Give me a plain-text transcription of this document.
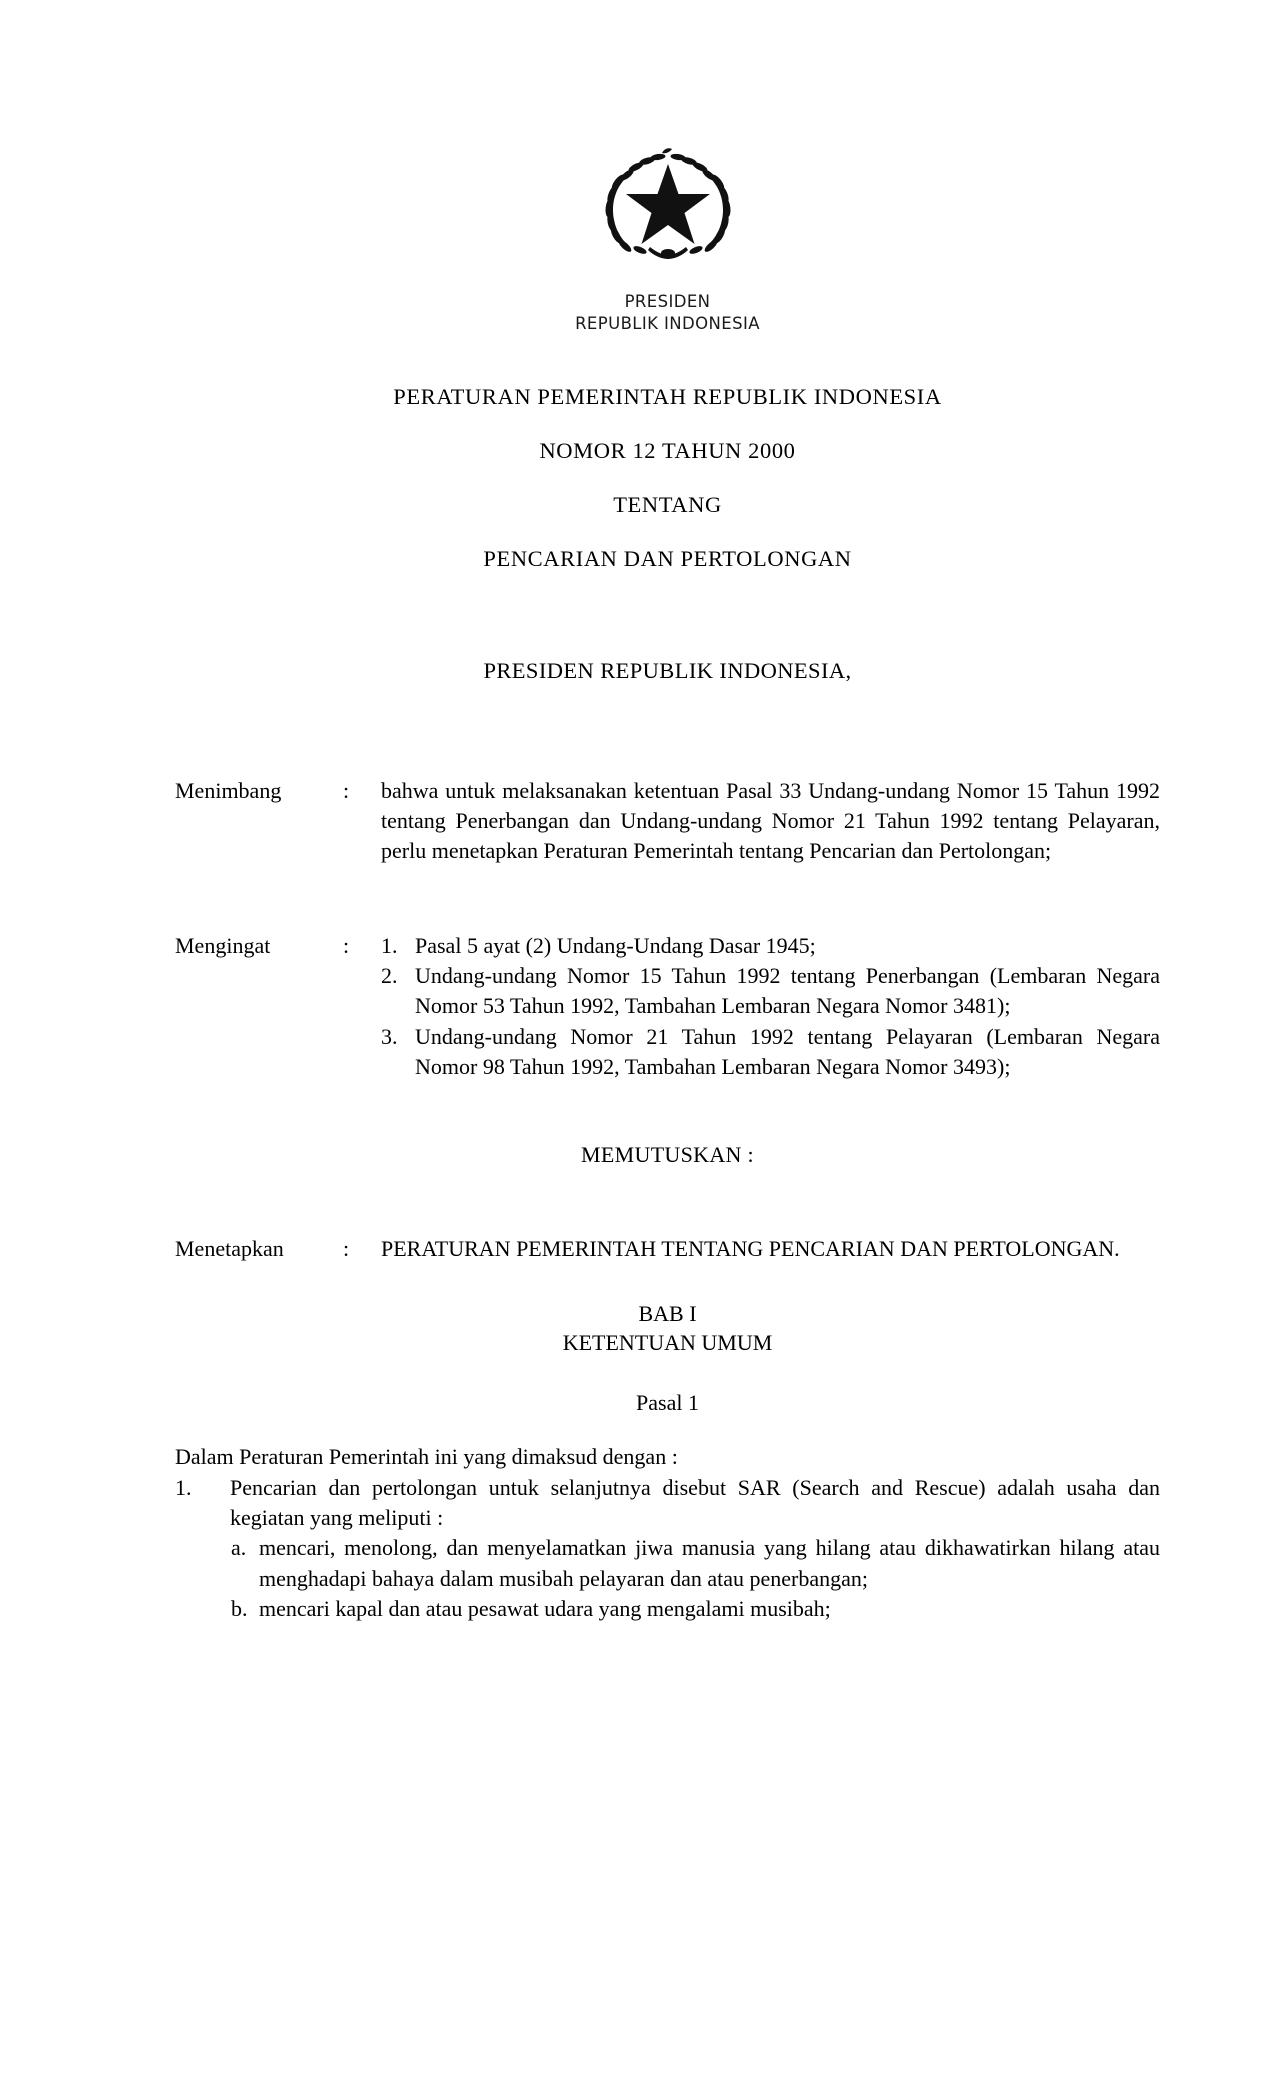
PRESIDEN
REPUBLIK INDONESIA
PERATURAN PEMERINTAH REPUBLIK INDONESIA
NOMOR 12 TAHUN 2000
TENTANG
PENCARIAN DAN PERTOLONGAN
PRESIDEN REPUBLIK INDONESIA,
Menimbang	:	bahwa untuk melaksanakan ketentuan Pasal 33 Undang-undang Nomor 15 Tahun 1992 tentang Penerbangan dan Undang-undang Nomor 21 Tahun 1992 tentang Pelayaran, perlu menetapkan Peraturan Pemerintah tentang Pencarian dan Pertolongan;

Mengingat	:	1. Pasal 5 ayat (2) Undang-Undang Dasar 1945;
2. Undang-undang Nomor 15 Tahun 1992 tentang Penerbangan (Lembaran Negara Nomor 53 Tahun 1992, Tambahan Lembaran Negara Nomor 3481);
3. Undang-undang Nomor 21 Tahun 1992 tentang Pelayaran (Lembaran Negara Nomor 98 Tahun 1992, Tambahan Lembaran Negara Nomor 3493);
MEMUTUSKAN :
Menetapkan	:	PERATURAN PEMERINTAH TENTANG PENCARIAN DAN PERTOLONGAN.

BAB I
KETENTUAN UMUM
Pasal 1

Dalam Peraturan Pemerintah ini yang dimaksud dengan :

1.	Pencarian dan pertolongan untuk selanjutnya disebut SAR (Search and Rescue) adalah usaha dan kegiatan yang meliputi :
a. mencari, menolong, dan menyelamatkan jiwa manusia yang hilang atau dikhawatirkan hilang atau menghadapi bahaya dalam musibah pelayaran dan atau penerbangan;
b. mencari kapal dan atau pesawat udara yang mengalami musibah;
